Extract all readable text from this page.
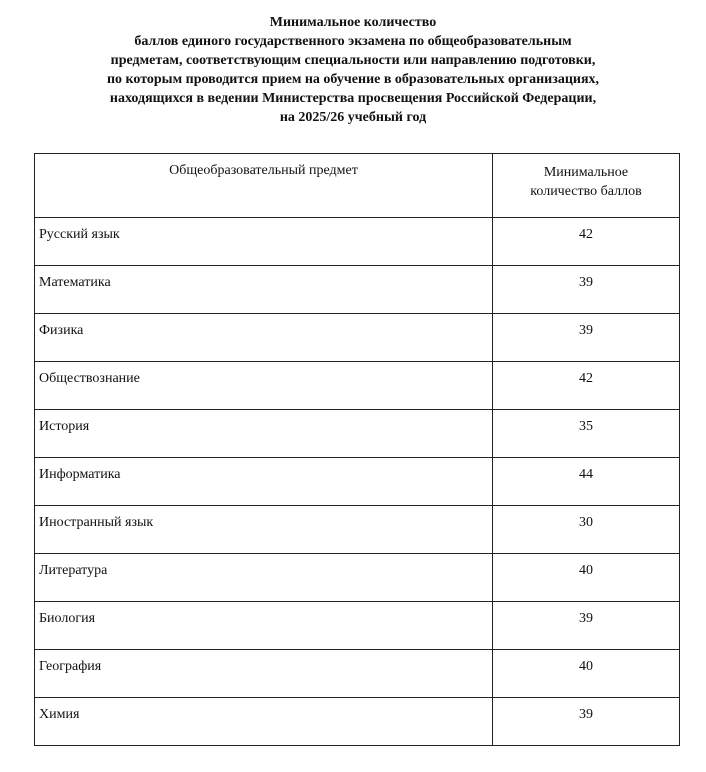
Минимальное количество
баллов единого государственного экзамена по общеобразовательным
предметам, соответствующим специальности или направлению подготовки,
по которым проводится прием на обучение в образовательных организациях,
находящихся в ведении Министерства просвещения Российской Федерации,
на 2025/26 учебный год
Общеобразовательный предмет	Минимальное
количество баллов

Русский язык	42
Математика	39
Физика	39
Обществознание	42
История	35
Информатика	44
Иностранный язык	30
Литература	40
Биология	39
География	40
Химия	39
